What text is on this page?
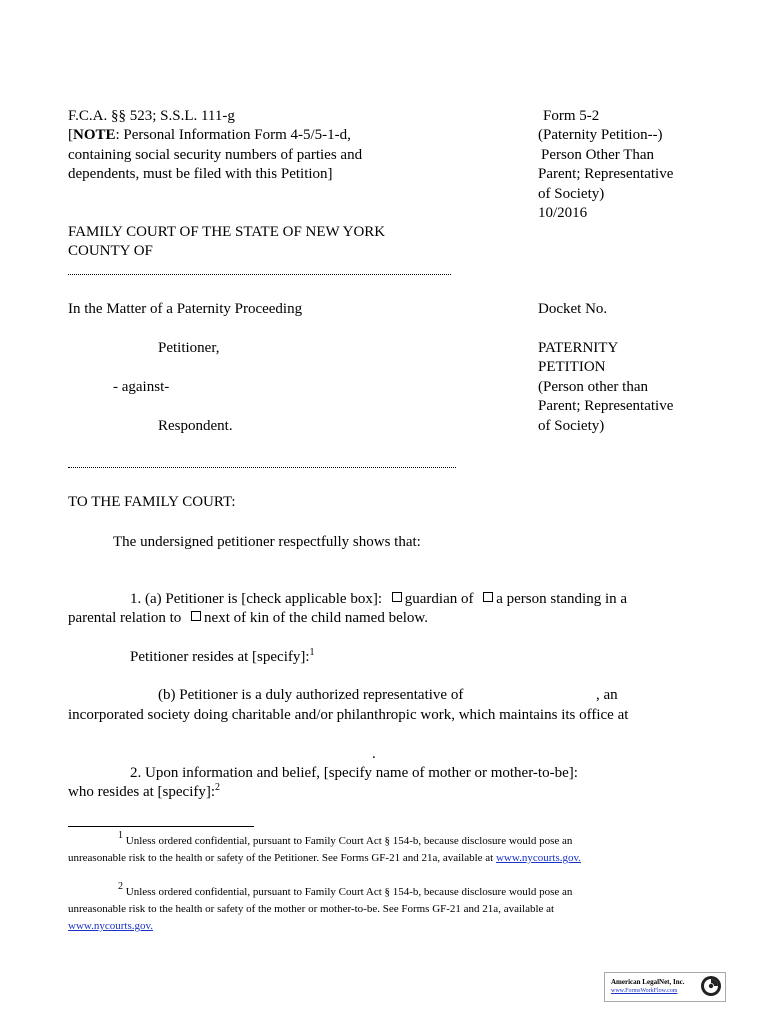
F.C.A. §§ 523; S.S.L. 111-g
[NOTE: Personal Information Form 4-5/5-1-d,
containing social security numbers of parties and
dependents, must be filed with this Petition]
Form 5-2
(Paternity Petition--)
Person Other Than
Parent; Representative
of Society)
10/2016
FAMILY COURT OF THE STATE OF NEW YORK
COUNTY OF
In the Matter of a Paternity Proceeding	Docket No.
Petitioner,
- against-
Respondent.
PATERNITY
PETITION
(Person other than
Parent; Representative
of Society)
TO THE FAMILY COURT:
The undersigned petitioner respectfully shows that:
1. (a) Petitioner is [check applicable box]: guardian of a person standing in a
parental relation to next of kin of the child named below.
Petitioner resides at [specify]:$^1$
(b) Petitioner is a duly authorized representative of	, an
incorporated society doing charitable and/or philanthropic work, which maintains its office at
.
2. Upon information and belief, [specify name of mother or mother-to-be]:
who resides at [specify]:$^2$
$^1$ Unless ordered confidential, pursuant to Family Court Act § 154-b, because disclosure would pose an
unreasonable risk to the health or safety of the Petitioner. See Forms GF-21 and 21a, available at www.nycourts.gov.
$^2$ Unless ordered confidential, pursuant to Family Court Act § 154-b, because disclosure would pose an
unreasonable risk to the health or safety of the mother or mother-to-be. See Forms GF-21 and 21a, available at
www.nycourts.gov.
American LegalNet, Inc.
www.FormsWorkFlow.com
